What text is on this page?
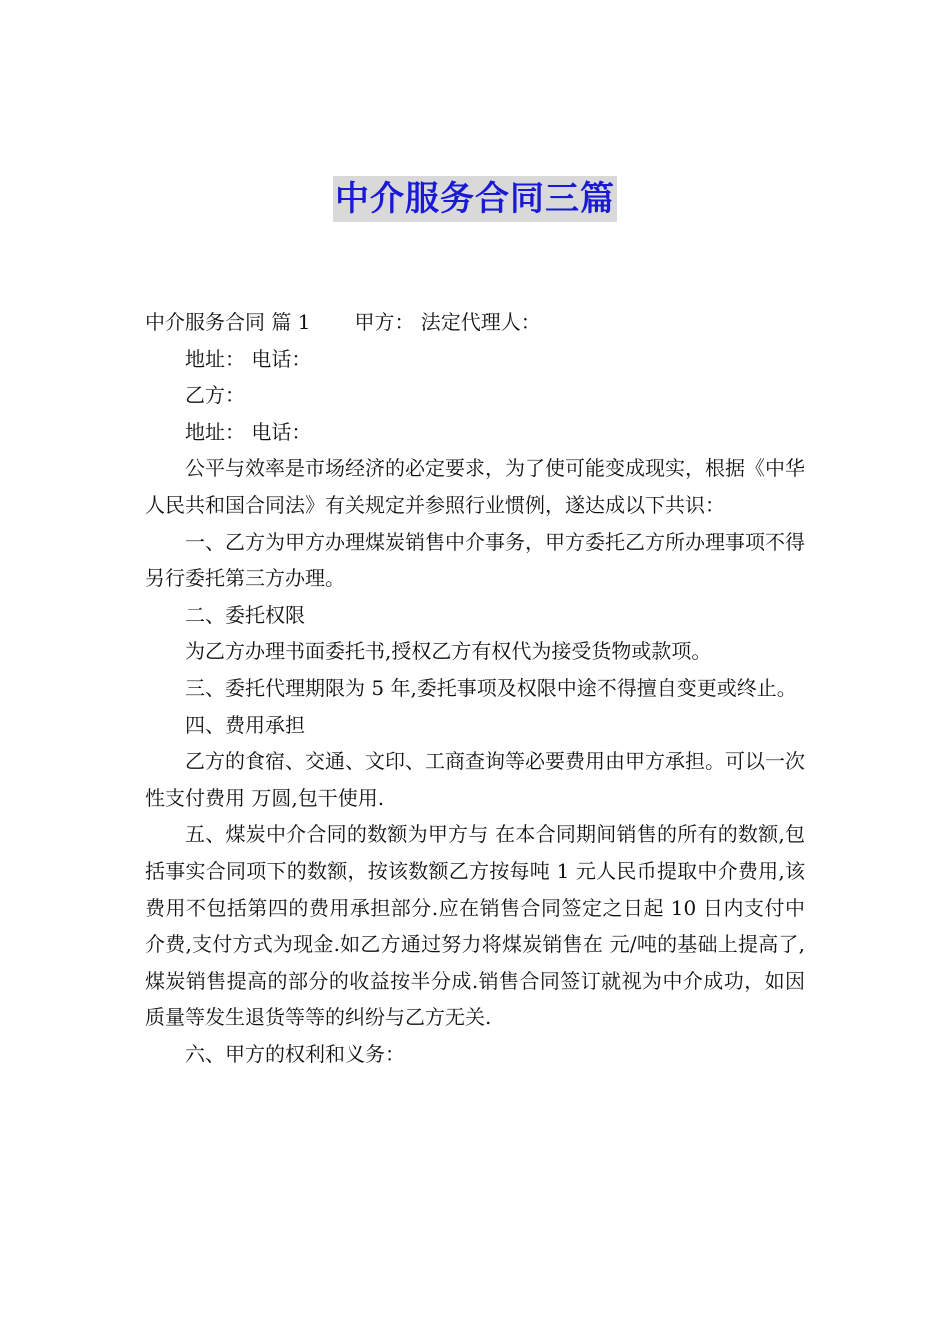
中介服务合同三篇

中介服务合同 篇 1 甲方： 法定代理人：

地址： 电话：

乙方：

地址： 电话：

公平与效率是市场经济的必定要求，为了使可能变成现实，根据《中华人民共和国合同法》有关规定并参照行业惯例，遂达成以下共识：

一、乙方为甲方办理煤炭销售中介事务，甲方委托乙方所办理事项不得另行委托第三方办理。

二、委托权限

为乙方办理书面委托书,授权乙方有权代为接受货物或款项。

三、委托代理期限为 5 年,委托事项及权限中途不得擅自变更或终止。

四、费用承担

乙方的食宿、交通、文印、工商查询等必要费用由甲方承担。可以一次性支付费用 万圆,包干使用.

五、煤炭中介合同的数额为甲方与 在本合同期间销售的所有的数额,包括事实合同项下的数额，按该数额乙方按每吨 1 元人民币提取中介费用,该费用不包括第四的费用承担部分.应在销售合同签定之日起 10 日内支付中介费,支付方式为现金.如乙方通过努力将煤炭销售在 元/吨的基础上提高了,煤炭销售提高的部分的收益按半分成.销售合同签订就视为中介成功，如因质量等发生退货等等的纠纷与乙方无关.

六、甲方的权利和义务：
